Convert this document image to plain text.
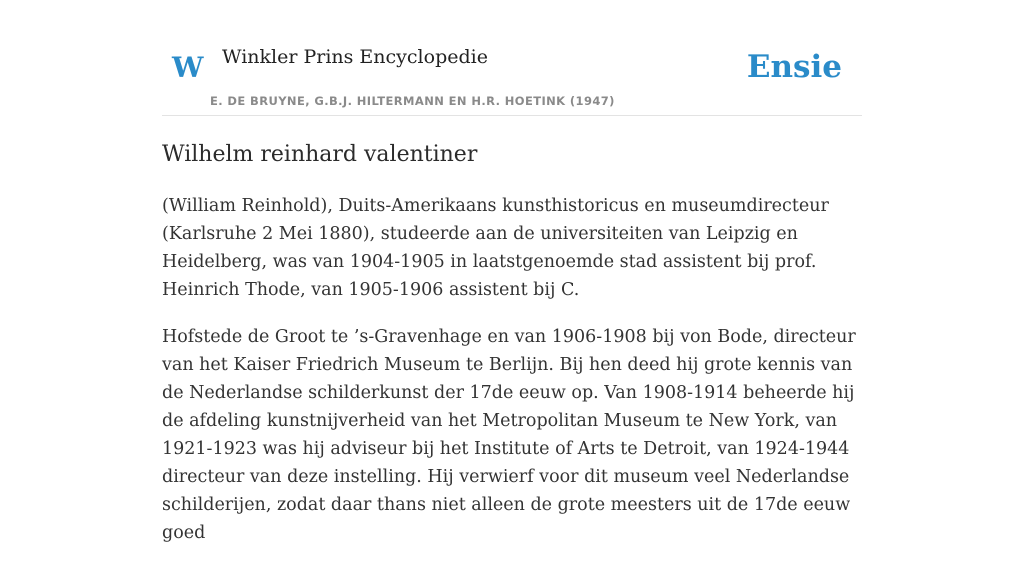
W Winkler Prins Encyclopedie
E. DE BRUYNE, G.B.J. HILTERMANN EN H.R. HOETINK (1947)
Ensie
Wilhelm reinhard valentiner

(William Reinhold), Duits-Amerikaans kunsthistoricus en museumdirecteur (Karlsruhe 2 Mei 1880), studeerde aan de universiteiten van Leipzig en Heidelberg, was van 1904-1905 in laatstgenoemde stad assistent bij prof. Heinrich Thode, van 1905-1906 assistent bij C.

Hofstede de Groot te ’s-Gravenhage en van 1906-1908 bij von Bode, directeur van het Kaiser Friedrich Museum te Berlijn. Bij hen deed hij grote kennis van de Nederlandse schilderkunst der 17de eeuw op. Van 1908-1914 beheerde hij de afdeling kunstnijverheid van het Metropolitan Museum te New York, van 1921-1923 was hij adviseur bij het Institute of Arts te Detroit, van 1924-1944 directeur van deze instelling. Hij verwierf voor dit museum veel Nederlandse schilderijen, zodat daar thans niet alleen de grote meesters uit de 17de eeuw goed
